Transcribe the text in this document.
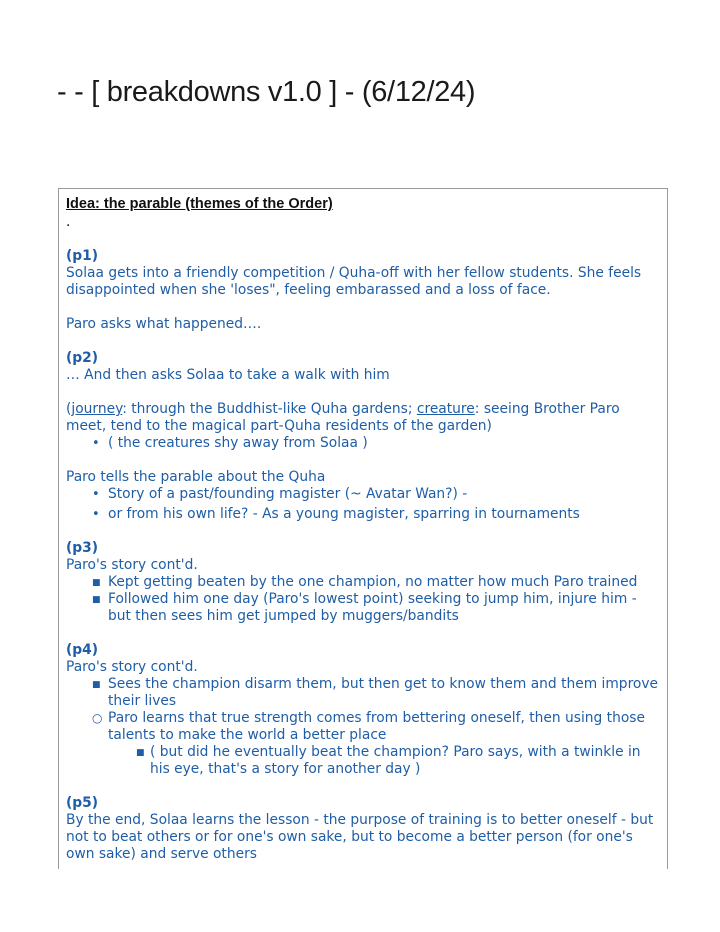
- - [ breakdowns v1.0 ] - (6/12/24)
Idea: the parable (themes of the Order)
.
(p1)
Solaa gets into a friendly competition / Quha-off with her fellow students. She feels disappointed when she 'loses", feeling embarassed and a loss of face.
Paro asks what happened….
(p2)
… And then asks Solaa to take a walk with him
(journey: through the Buddhist-like Quha gardens; creature: seeing Brother Paro meet, tend to the magical part-Quha residents of the garden)
• ( the creatures shy away from Solaa )
Paro tells the parable about the Quha
• Story of a past/founding magister (~ Avatar Wan?) -
• or from his own life? - As a young magister, sparring in tournaments
(p3)
Paro's story cont'd.
■ Kept getting beaten by the one champion, no matter how much Paro trained
■ Followed him one day (Paro's lowest point) seeking to jump him, injure him - but then sees him get jumped by muggers/bandits
(p4)
Paro's story cont'd.
■ Sees the champion disarm them, but then get to know them and them improve their lives
○ Paro learns that true strength comes from bettering oneself, then using those talents to make the world a better place
■ ( but did he eventually beat the champion? Paro says, with a twinkle in his eye, that's a story for another day )
(p5)
By the end, Solaa learns the lesson - the purpose of training is to better oneself - but not to beat others or for one's own sake, but to become a better person (for one's own sake) and serve others
